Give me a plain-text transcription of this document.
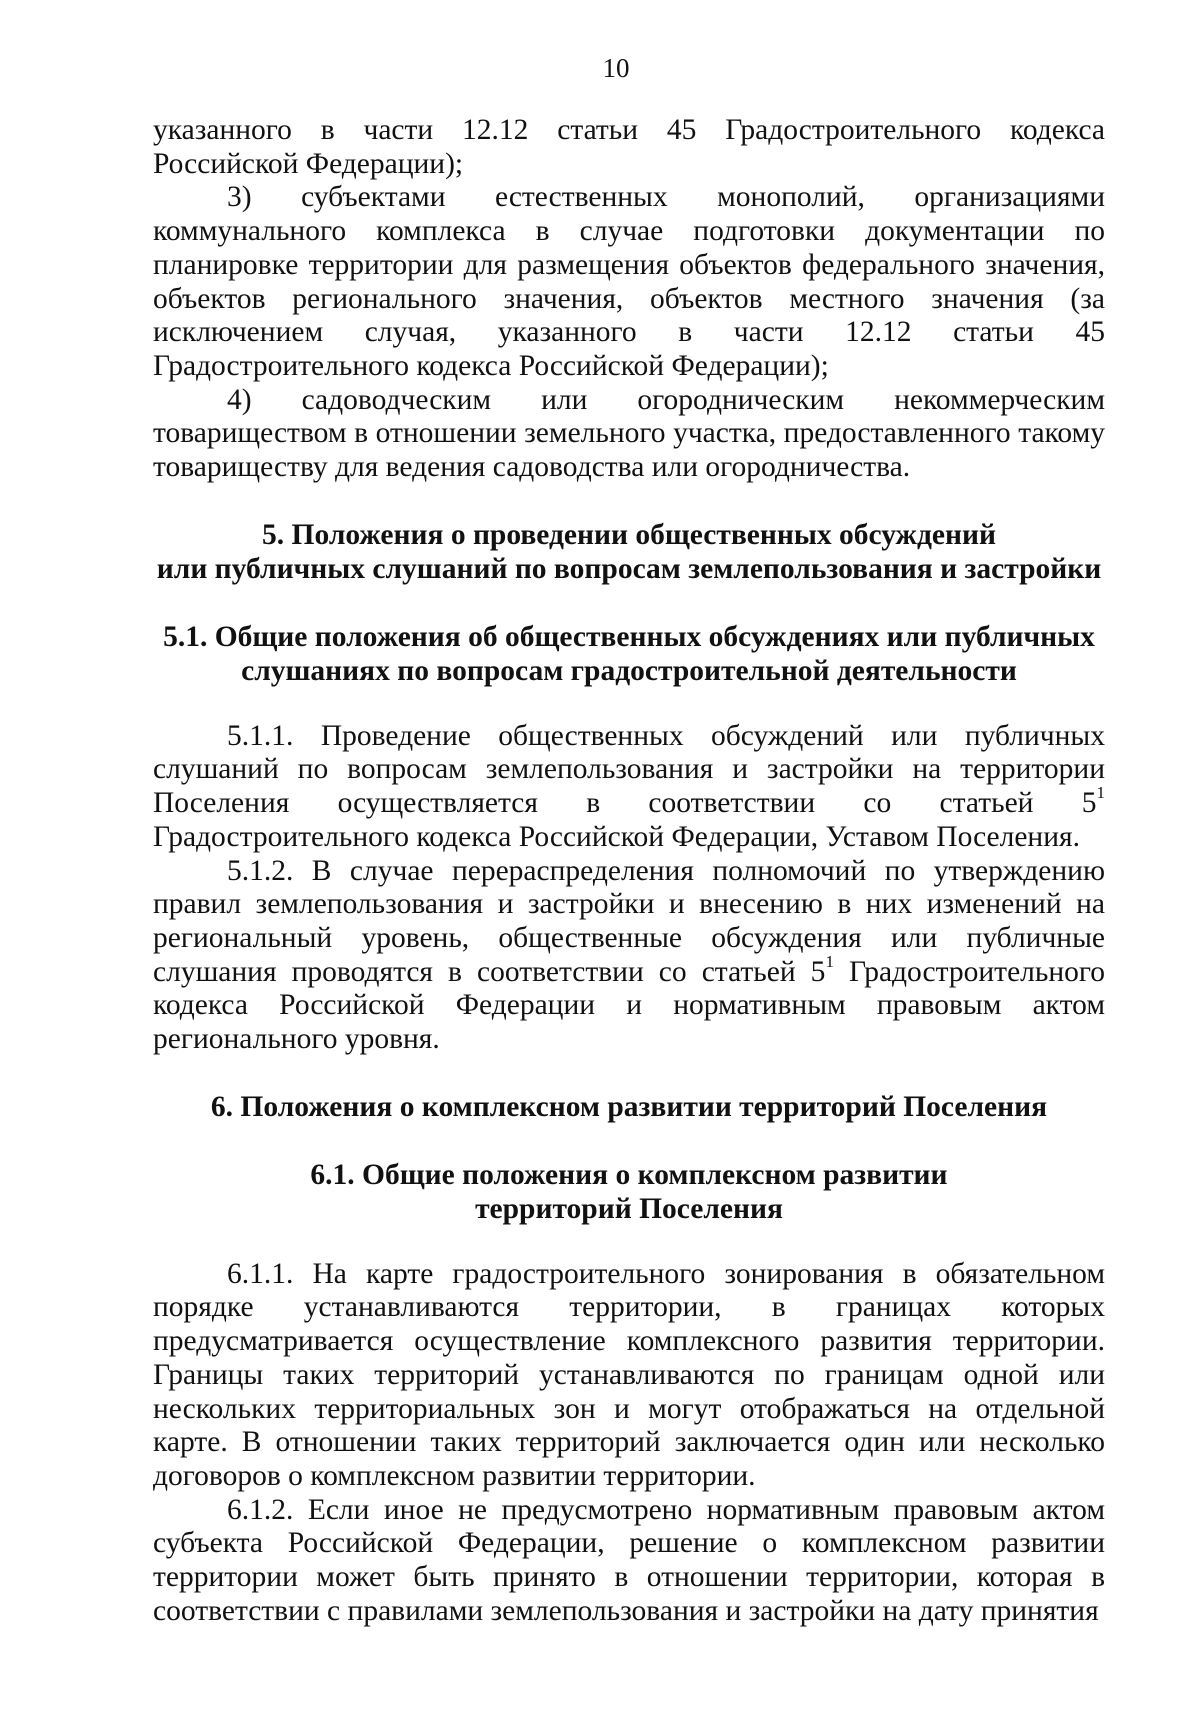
10

указанного в части 12.12 статьи 45 Градостроительного кодекса Российской Федерации);

3) субъектами естественных монополий, организациями коммунального комплекса в случае подготовки документации по планировке территории для размещения объектов федерального значения, объектов регионального значения, объектов местного значения (за исключением случая, указанного в части 12.12 статьи 45 Градостроительного кодекса Российской Федерации);

4) садоводческим или огородническим некоммерческим товариществом в отношении земельного участка, предоставленного такому товариществу для ведения садоводства или огородничества.

5. Положения о проведении общественных обсуждений
или публичных слушаний по вопросам землепользования и застройки
5.1. Общие положения об общественных обсуждениях или публичных
слушаниях по вопросам градостроительной деятельности

5.1.1. Проведение общественных обсуждений или публичных слушаний по вопросам землепользования и застройки на территории Поселения осуществляется в соответствии со статьей $5^1$ Градостроительного кодекса Российской Федерации, Уставом Поселения.

5.1.2. В случае перераспределения полномочий по утверждению правил землепользования и застройки и внесению в них изменений на региональный уровень, общественные обсуждения или публичные слушания проводятся в соответствии со статьей $5^1$ Градостроительного кодекса Российской Федерации и нормативным правовым актом регионального уровня.

6. Положения о комплексном развитии территорий Поселения
6.1. Общие положения о комплексном развитии
территорий Поселения

6.1.1. На карте градостроительного зонирования в обязательном порядке устанавливаются территории, в границах которых предусматривается осуществление комплексного развития территории. Границы таких территорий устанавливаются по границам одной или нескольких территориальных зон и могут отображаться на отдельной карте. В отношении таких территорий заключается один или несколько договоров о комплексном развитии территории.

6.1.2. Если иное не предусмотрено нормативным правовым актом субъекта Российской Федерации, решение о комплексном развитии территории может быть принято в отношении территории, которая в соответствии с правилами землепользования и застройки на дату принятия
